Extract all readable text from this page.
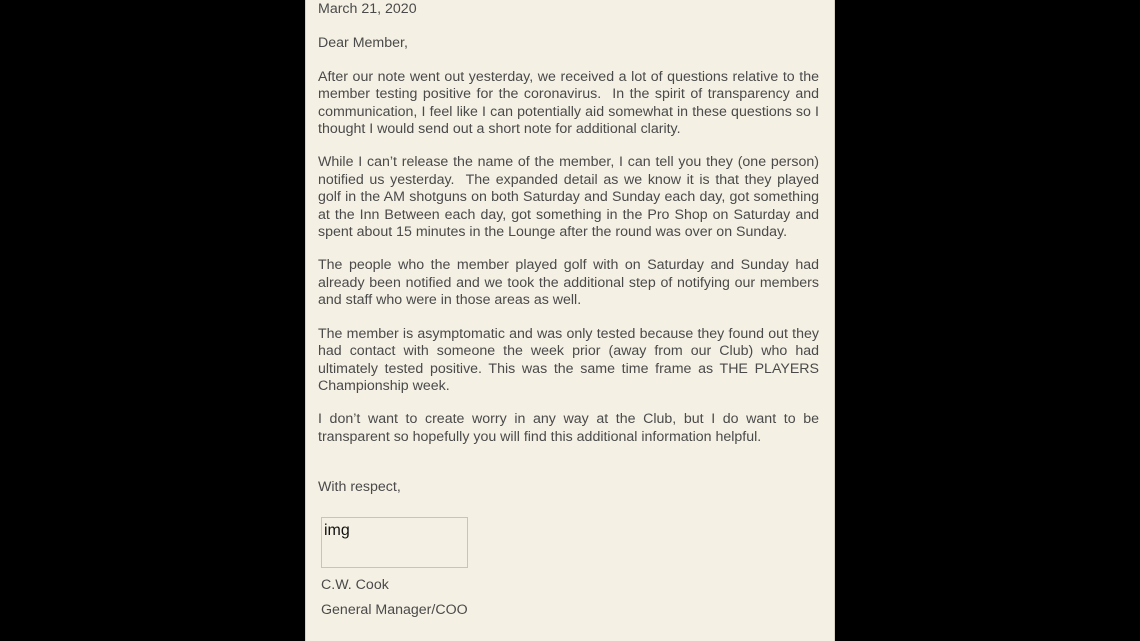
March 21, 2020

Dear Member,

After our note went out yesterday, we received a lot of questions relative to the member testing positive for the coronavirus.  In the spirit of transparency and communication, I feel like I can potentially aid somewhat in these questions so I thought I would send out a short note for additional clarity.

While I can’t release the name of the member, I can tell you they (one person) notified us yesterday.  The expanded detail as we know it is that they played golf in the AM shotguns on both Saturday and Sunday each day, got something at the Inn Between each day, got something in the Pro Shop on Saturday and spent about 15 minutes in the Lounge after the round was over on Sunday.

The people who the member played golf with on Saturday and Sunday had already been notified and we took the additional step of notifying our members and staff who were in those areas as well.

The member is asymptomatic and was only tested because they found out they had contact with someone the week prior (away from our Club) who had ultimately tested positive. This was the same time frame as THE PLAYERS Championship week.

I don’t want to create worry in any way at the Club, but I do want to be transparent so hopefully you will find this additional information helpful.

With respect,

img

C.W. Cook

General Manager/COO
